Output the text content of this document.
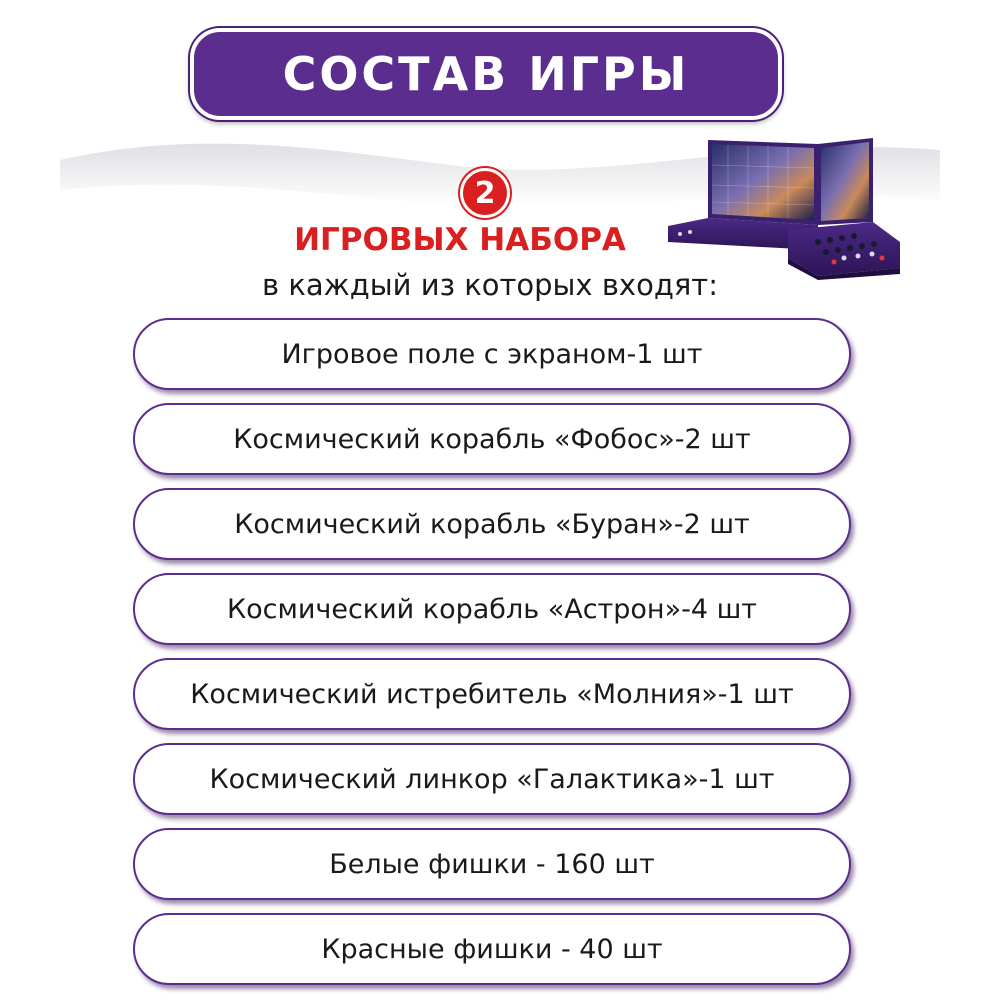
СОСТАВ ИГРЫ
2
ИГРОВЫХ НАБОРА
в каждый из которых входят:
Игровое поле с экраном-1 шт
Космический корабль «Фобос»-2 шт
Космический корабль «Буран»-2 шт
Космический корабль «Астрон»-4 шт
Космический истребитель «Молния»-1 шт
Космический линкор «Галактика»-1 шт
Белые фишки - 160 шт
Красные фишки - 40 шт
